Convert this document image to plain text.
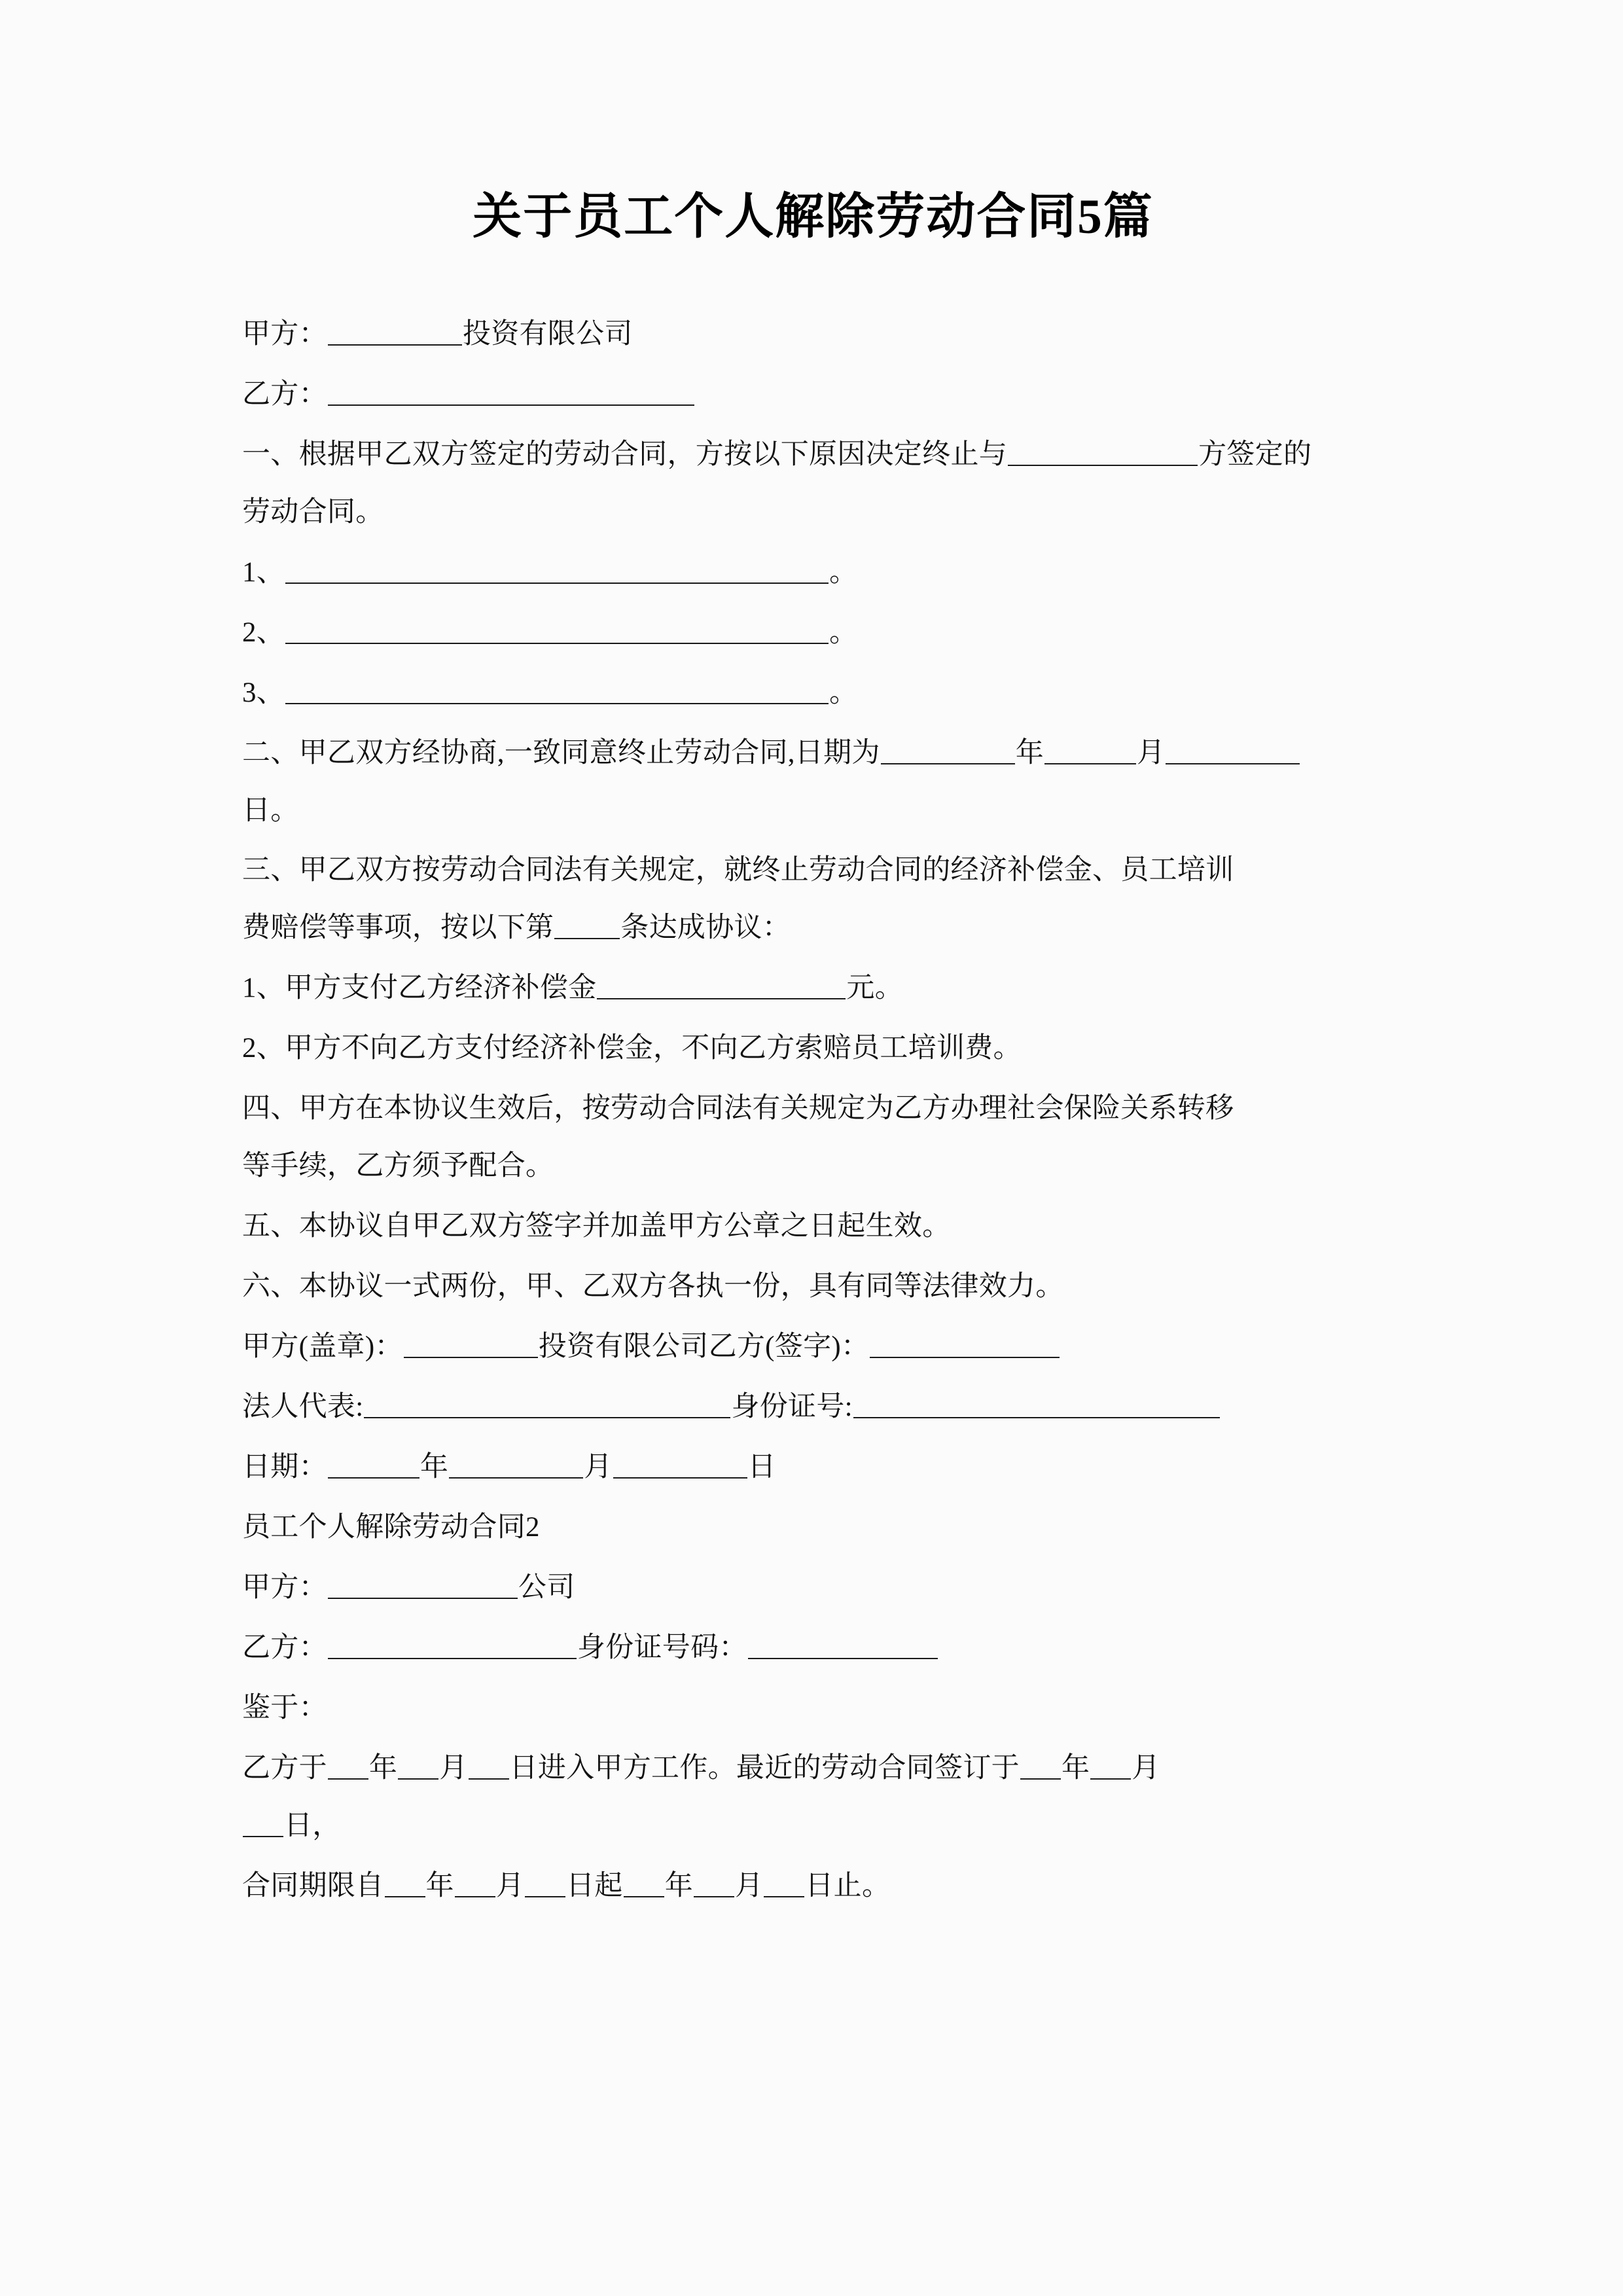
关于员工个人解除劳动合同5篇

甲方：	投资有限公司

乙方：

一、根据甲乙双方签定的劳动合同，方按以下原因决定终止与	方签定的

劳动合同。

1、	。

2、	。

3、	。

二、甲乙双方经协商,一致同意终止劳动合同,日期为	年	月

日。

三、甲乙双方按劳动合同法有关规定，就终止劳动合同的经济补偿金、员工培训

费赔偿等事项，按以下第 条达成协议：

1、甲方支付乙方经济补偿金	元。

2、甲方不向乙方支付经济补偿金，不向乙方索赔员工培训费。

四、甲方在本协议生效后，按劳动合同法有关规定为乙方办理社会保险关系转移

等手续，乙方须予配合。

五、本协议自甲乙双方签字并加盖甲方公章之日起生效。

六、本协议一式两份，甲、乙双方各执一份，具有同等法律效力。

甲方(盖章)：	投资有限公司乙方(签字)：

法人代表:	身份证号:

日期：	年	月	日

员工个人解除劳动合同2

甲方：	公司

乙方：	身份证号码：

鉴于：

乙方于 年 月 日进入甲方工作。最近的劳动合同签订于 年 月

日，

合同期限自 年 月 日起 年 月 日止。
